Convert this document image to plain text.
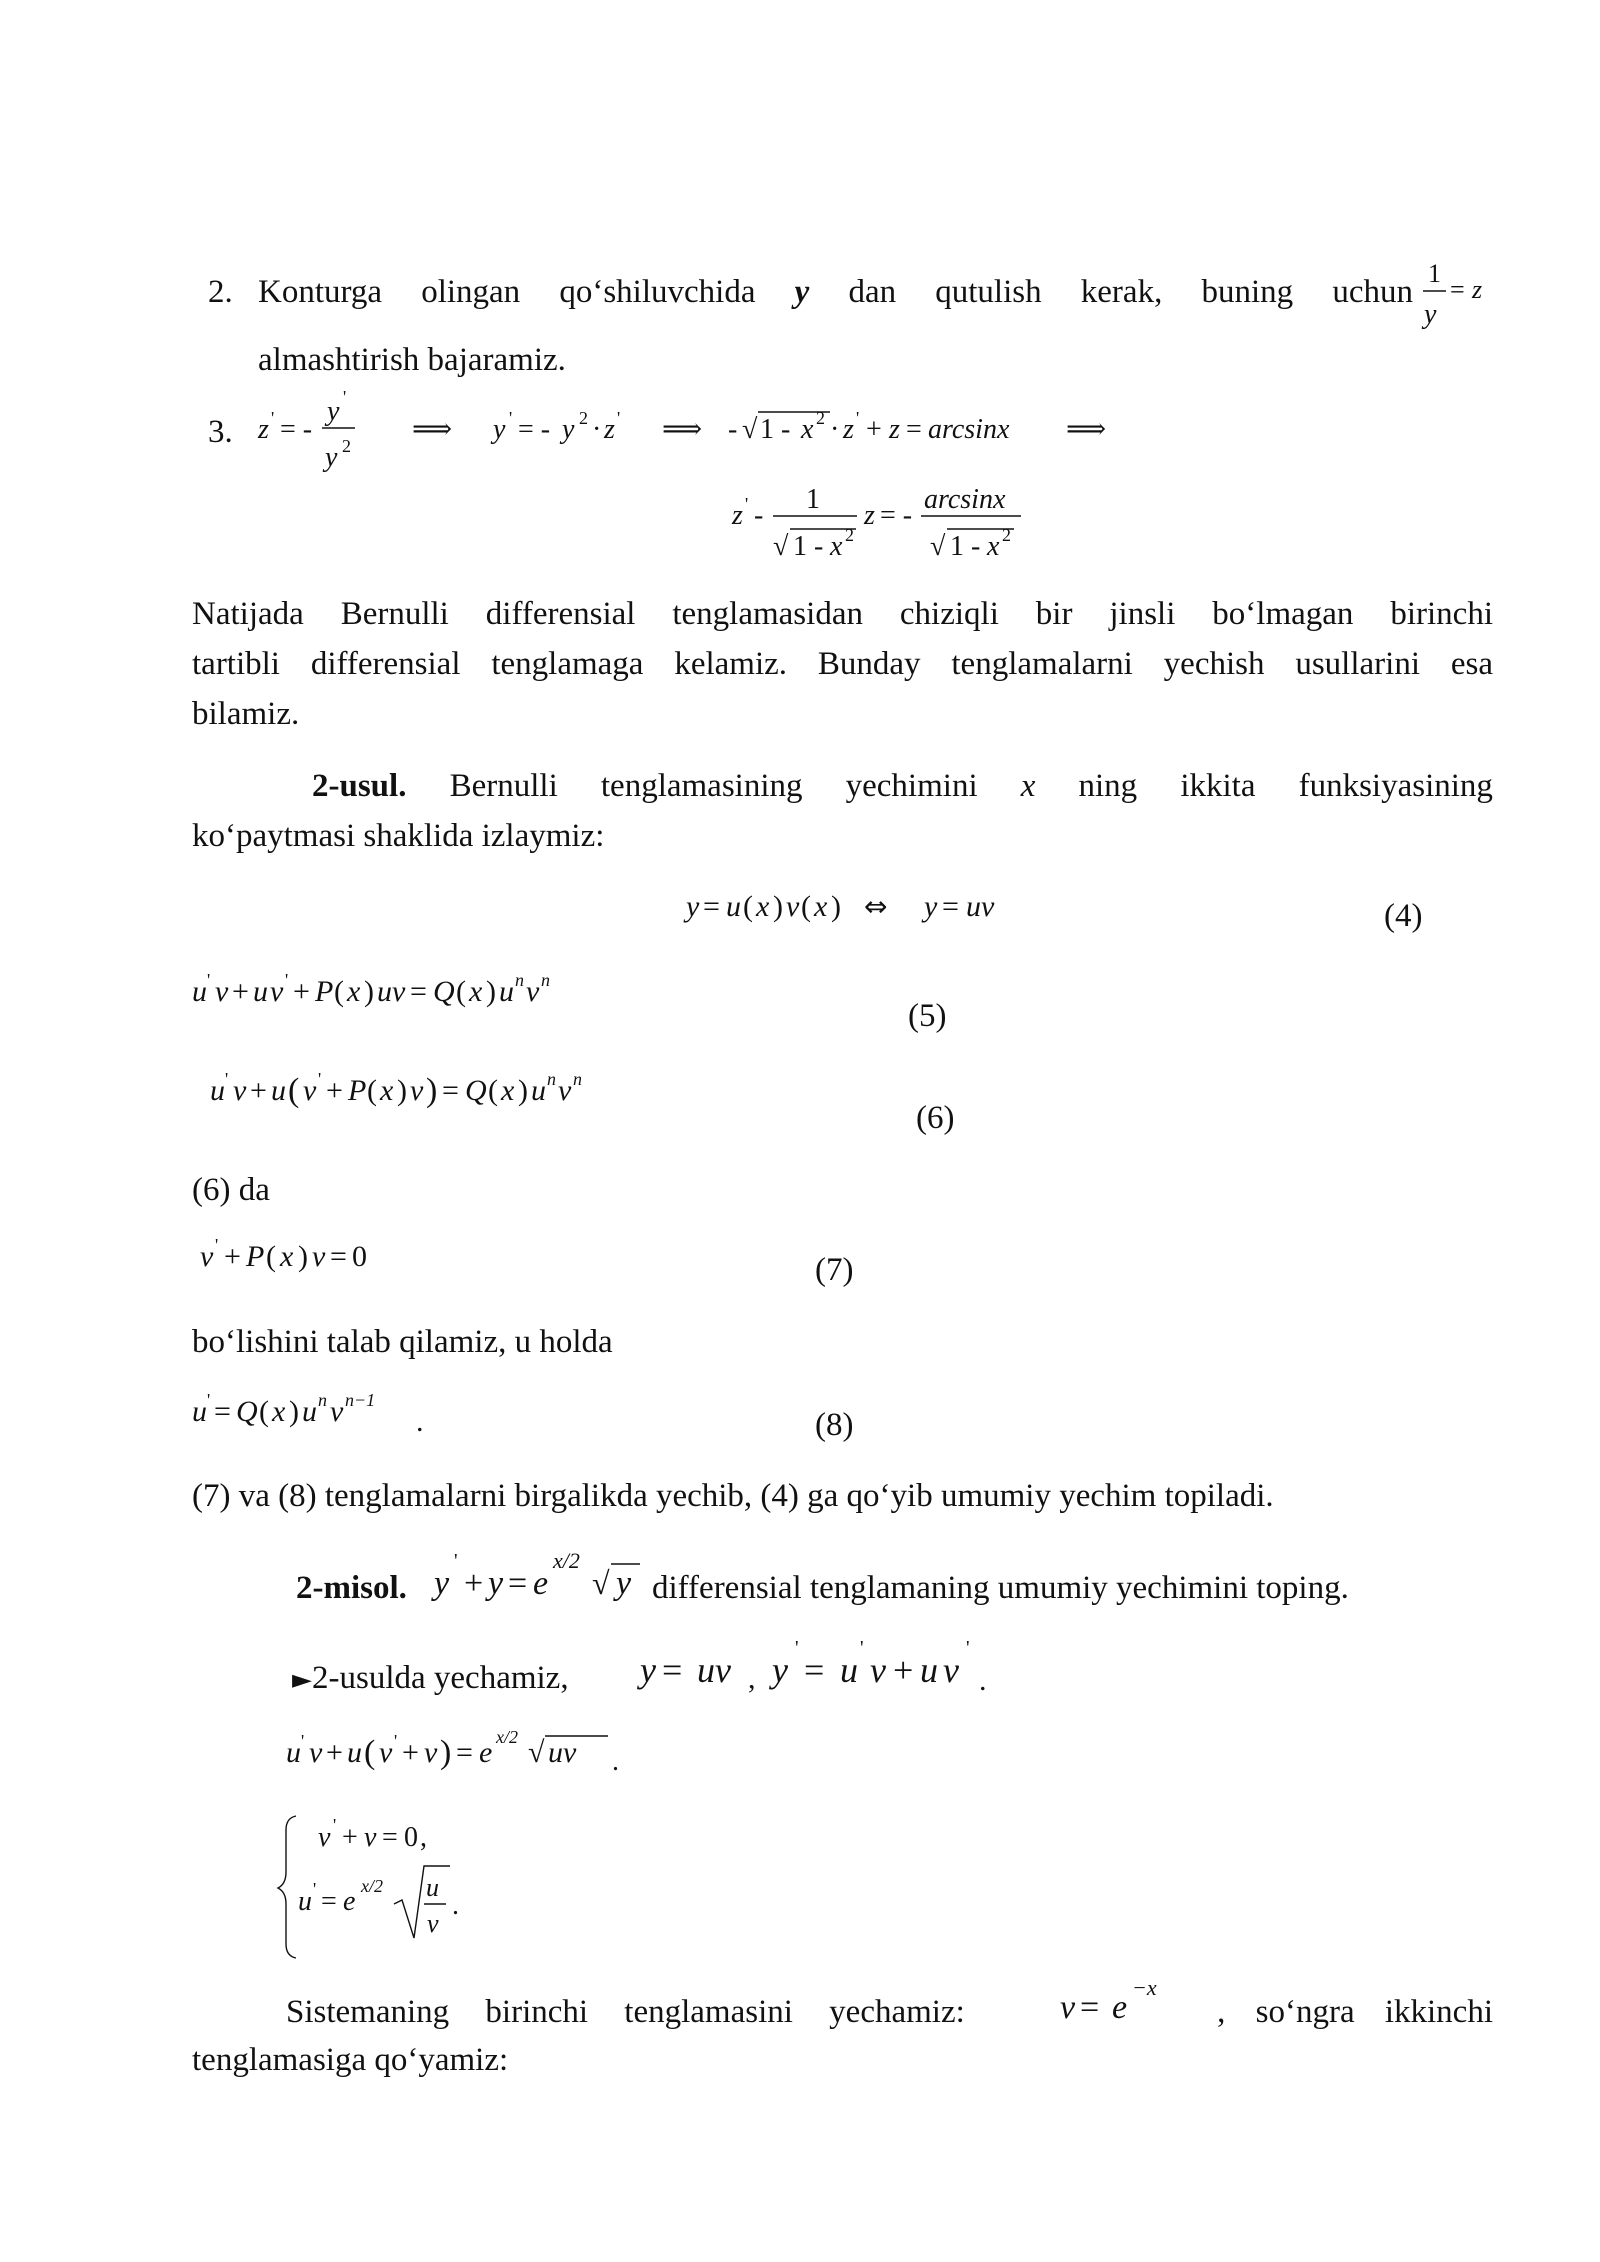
2. Konturga olingan qo‘shiluvchida y dan qutulish kerak, buning uchun
almashtirish bajaramiz.
3.
Natijada Bernulli differensial tenglamasidan chiziqli bir jinsli bo‘lmagan birinchi
tartibli differensial tenglamaga kelamiz. Bunday tenglamalarni yechish usullarini esa
bilamiz.
2-usul. Bernulli tenglamasining yechimini x ning ikkita funksiyasining
ko‘paytmasi shaklida izlaymiz:
(4)
(5)
(6)
(6) da
(7)
bo‘lishini talab qilamiz, u holda
(8)
(7) va (8) tenglamalarni birgalikda yechib, (4) ga qo‘yib umumiy yechim topiladi.
2-misol.	differensial tenglamaning umumiy yechimini toping.
►2-usulda yechamiz,
Sistemaning birinchi tenglamasini yechamiz:	, so‘ngra ikkinchi
tenglamasiga qo‘yamiz:
1
y
= z
z ' = -
y '
y 2
⟹ y ' = - y 2 · z ' ⟹ - √ 1 - x 2 · z ' + z = arcsinx ⟹
z ' -
1
√ 1 - x 2
z = -
arcsinx
√ 1 - x 2
y = u ( x ) v ( x ) ⇔ y = uv
u ' v + u v ' + P ( x ) uv = Q ( x ) u n v n
u ' v + u ( v ' + P ( x ) v ) = Q ( x ) u n v n
v ' + P ( x ) v = 0
u ' = Q ( x ) u n v n−1
.
y
'
+ y = e
x/2
√ y
y = uv , y
'
= u
'
v + u v
'
.
u ' v + u ( v ' + v ) = e x/2 √ uv .
v ' + v = 0 ,
u ' = e x/2 u
v
.
v = e
−x
